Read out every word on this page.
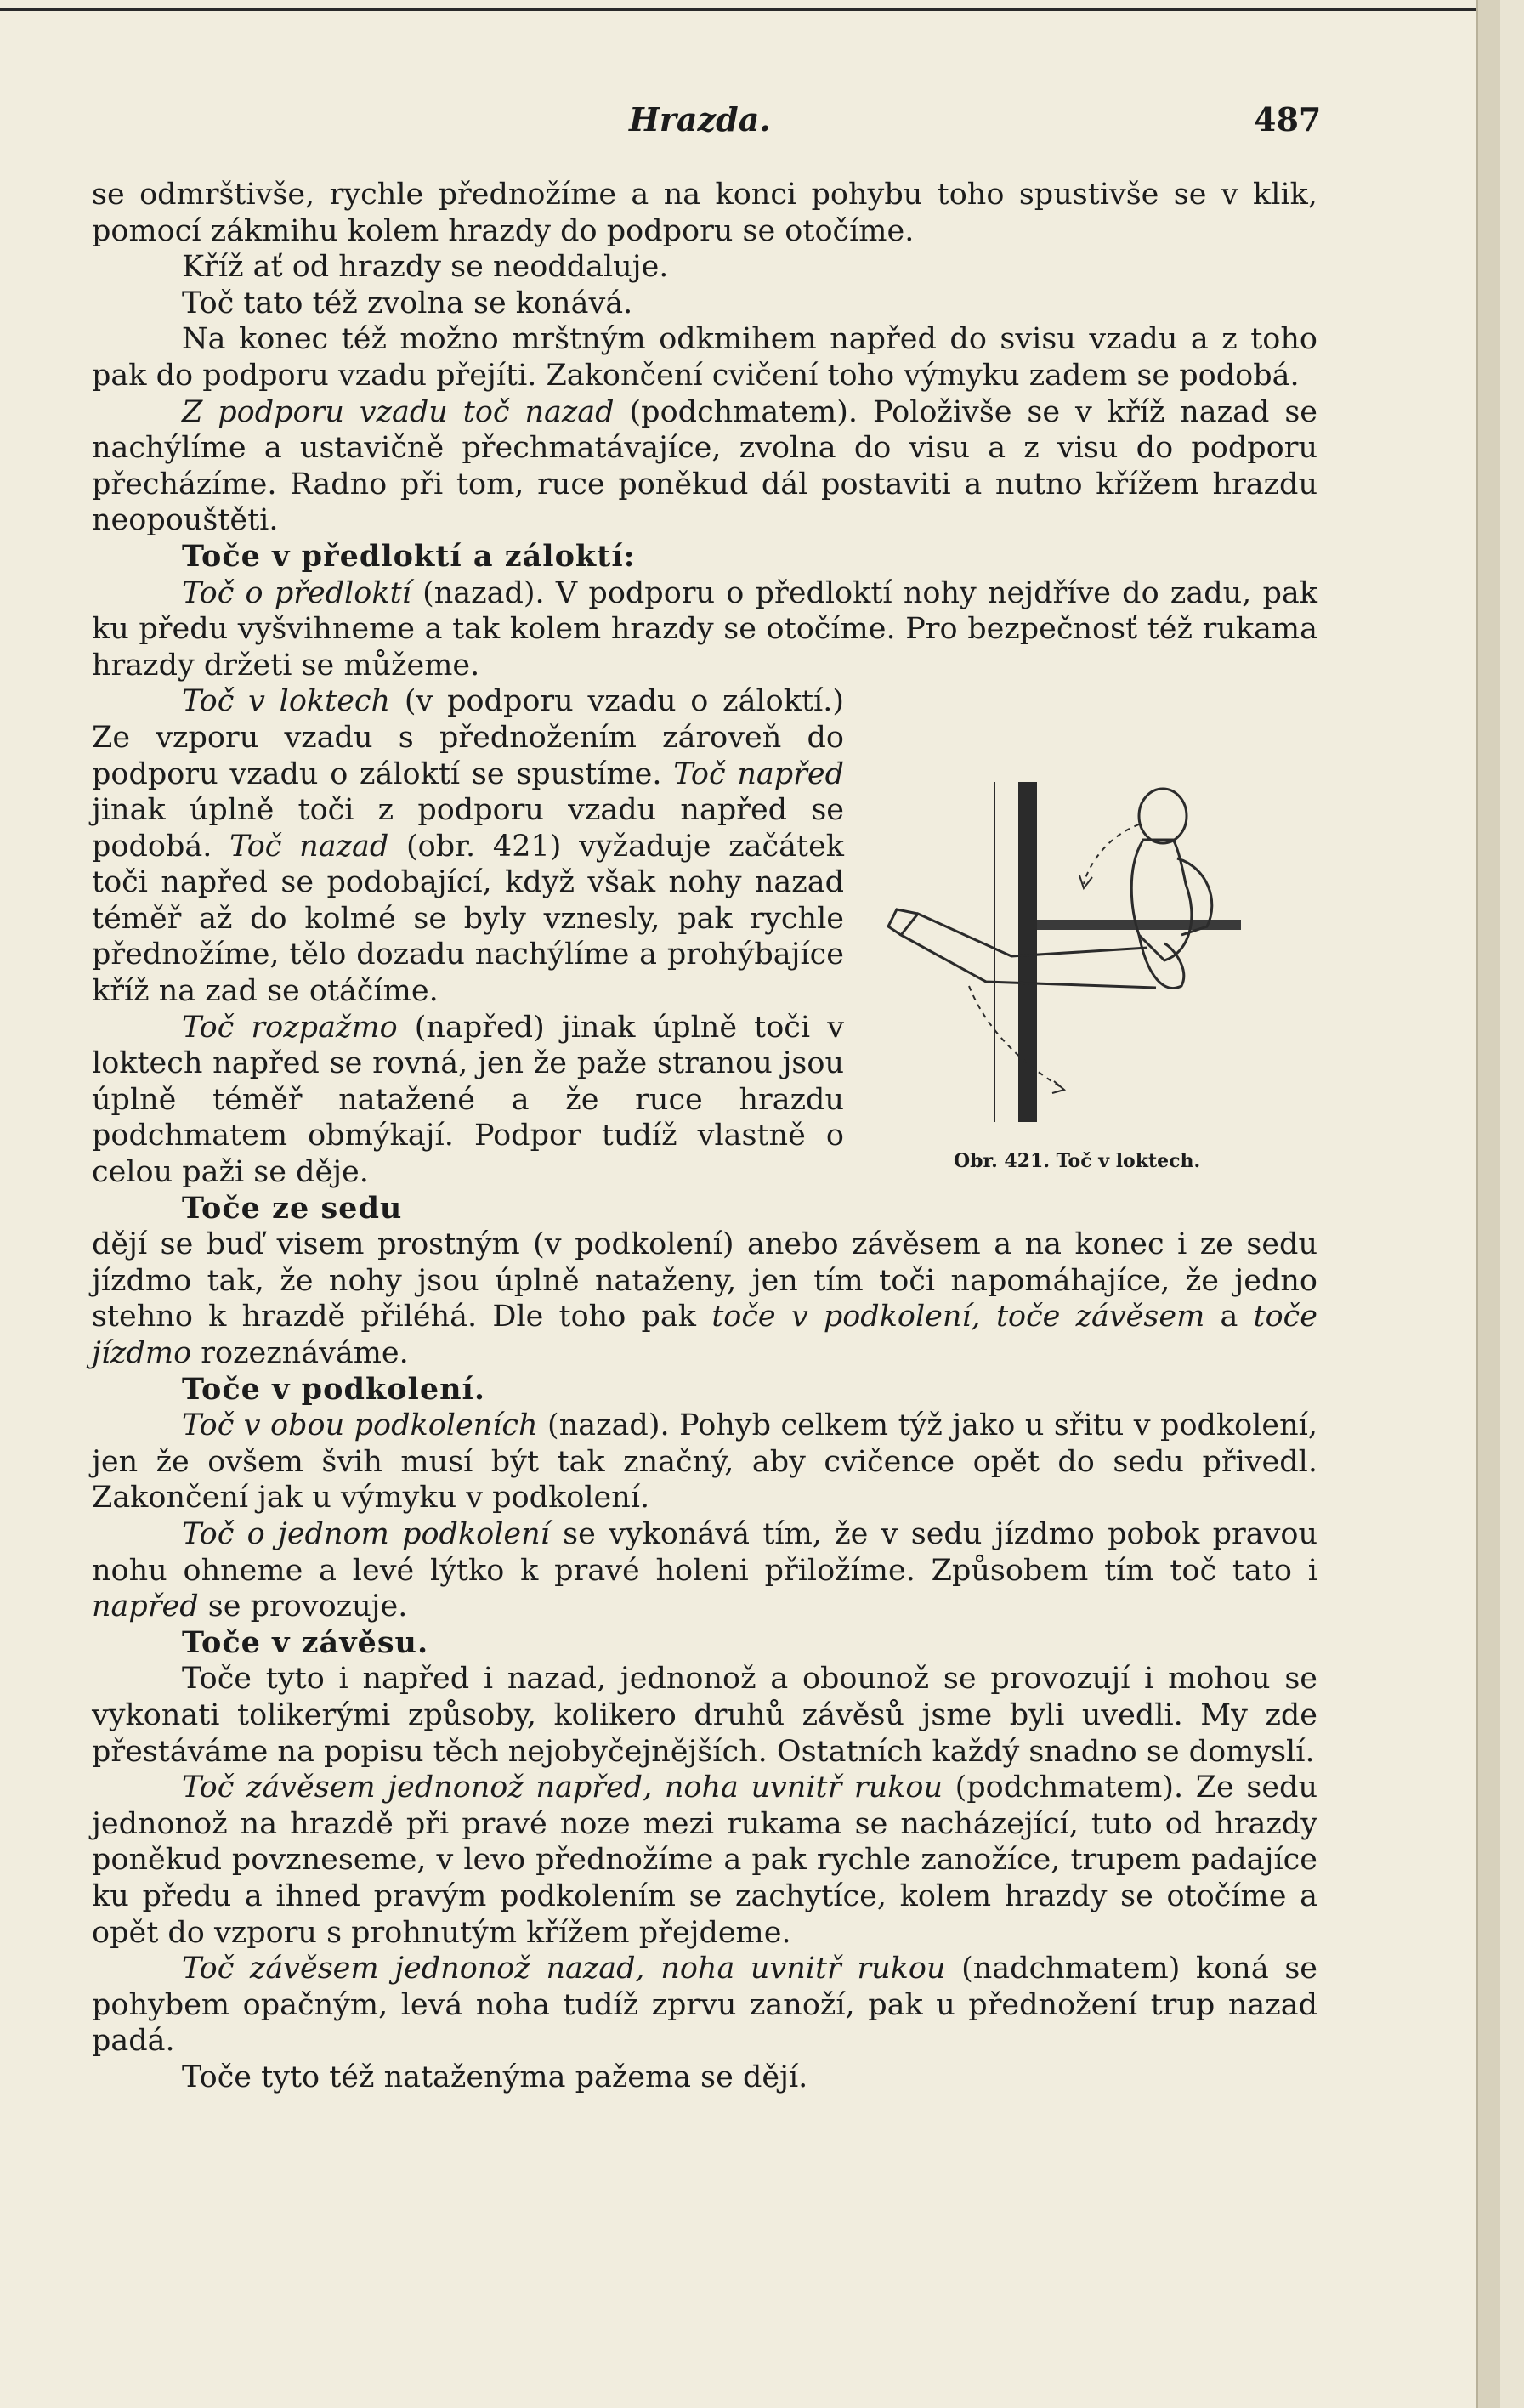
Hrazda.	487

se odmrštivše, rychle přednožíme a na konci pohybu toho spustivše se v klik, pomocí zákmihu kolem hrazdy do podporu se otočíme.

Kříž ať od hrazdy se neoddaluje.

Toč tato též zvolna se konává.

Na konec též možno mrštným odkmihem napřed do svisu vzadu a z toho pak do podporu vzadu přejíti. Zakončení cvičení toho výmyku zadem se podobá.

Z podporu vzadu toč nazad (podchmatem). Položivše se v kříž nazad se nachýlíme a ustavičně přechmatávajíce, zvolna do visu a z visu do podporu přecházíme. Radno při tom, ruce poněkud dál postaviti a nutno křížem hrazdu neopouštěti.

Toče v předloktí a záloktí:

Toč o předloktí (nazad). V podporu o předloktí nohy nejdříve do zadu, pak ku předu vyšvihneme a tak kolem hrazdy se otočíme. Pro bezpečnosť též rukama hrazdy držeti se můžeme.

Toč v loktech (v podporu vzadu o záloktí.) Ze vzporu vzadu s přednožením zároveň do podporu vzadu o záloktí se spustíme. Toč napřed jinak úplně toči z podporu vzadu napřed se podobá. Toč nazad (obr. 421) vyžaduje začátek toči napřed se podobající, když však nohy nazad téměř až do kolmé se byly vznesly, pak rychle přednožíme, tělo dozadu nachýlíme a prohýbajíce kříž na zad se otáčíme.

Toč rozpažmo (napřed) jinak úplně toči v loktech napřed se rovná, jen že paže stranou jsou úplně téměř natažené a že ruce hrazdu podchmatem obmýkají. Podpor tudíž vlastně o celou paži se děje.

Toče ze sedu

dějí se buď visem prostným (v podkolení) anebo závěsem a na konec i ze sedu jízdmo tak, že nohy jsou úplně nataženy, jen tím toči napomáhajíce, že jedno stehno k hrazdě přiléhá. Dle toho pak toče v podkolení, toče závěsem a toče jízdmo rozeznáváme.

Toče v podkolení.

Toč v obou podkoleních (nazad). Pohyb celkem týž jako u sřitu v podkolení, jen že ovšem švih musí být tak značný, aby cvičence opět do sedu přivedl. Zakončení jak u výmyku v podkolení.

Toč o jednom podkolení se vykonává tím, že v sedu jízdmo pobok pravou nohu ohneme a levé lýtko k pravé holeni přiložíme. Způsobem tím toč tato i napřed se provozuje.

Toče v závěsu.

Toče tyto i napřed i nazad, jednonož a obounož se provozují i mohou se vykonati tolikerými způsoby, kolikero druhů závěsů jsme byli uvedli. My zde přestáváme na popisu těch nejobyčejnějších. Ostatních každý snadno se domyslí.

Toč závěsem jednonož napřed, noha uvnitř rukou (podchmatem). Ze sedu jednonož na hrazdě při pravé noze mezi rukama se nacházející, tuto od hrazdy poněkud povzneseme, v levo přednožíme a pak rychle zanožíce, trupem padajíce ku předu a ihned pravým podkolením se zachytíce, kolem hrazdy se otočíme a opět do vzporu s prohnutým křížem přejdeme.

Toč závěsem jednonož nazad, noha uvnitř rukou (nadchmatem) koná se pohybem opačným, levá noha tudíž zprvu zanoží, pak u přednožení trup nazad padá.

Toče tyto též nataženýma pažema se dějí.

Obr. 421. Toč v loktech.
